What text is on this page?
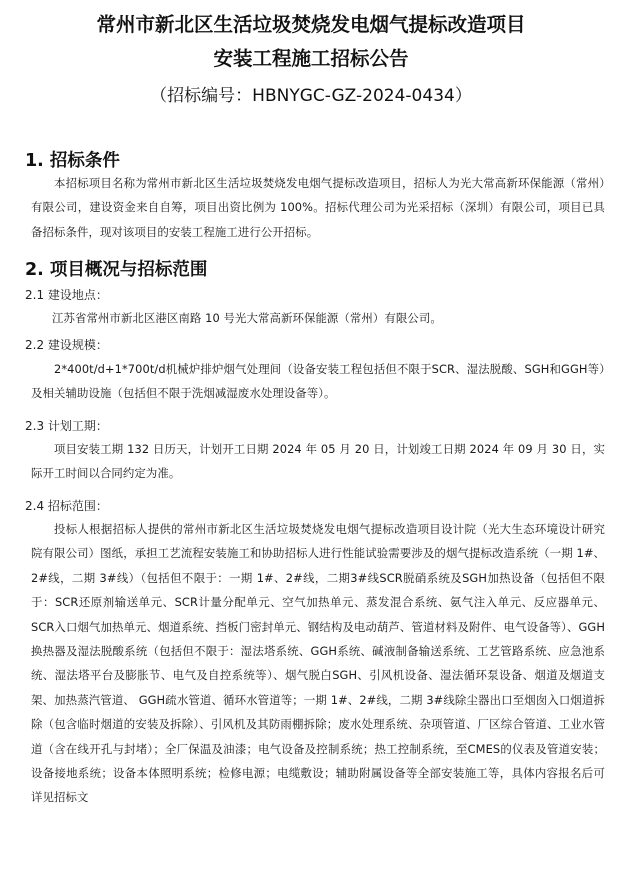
常州市新北区生活垃圾焚烧发电烟气提标改造项目
安装工程施工招标公告
（招标编号：HBNYGC-GZ-2024-0434）
1. 招标条件
本招标项目名称为常州市新北区生活垃圾焚烧发电烟气提标改造项目，招标人为光大常高新环保能源（常州）有限公司，建设资金来自自筹，项目出资比例为 100%。招标代理公司为光采招标（深圳）有限公司，项目已具备招标条件，现对该项目的安装工程施工进行公开招标。
2. 项目概况与招标范围
2.1 建设地点：
江苏省常州市新北区港区南路 10 号光大常高新环保能源（常州）有限公司。
2.2 建设规模：
2*400t/d+1*700t/d机械炉排炉烟气处理间（设备安装工程包括但不限于SCR、湿法脱酸、SGH和GGH等）及相关辅助设施（包括但不限于洗烟减湿废水处理设备等）。
2.3 计划工期：
项目安装工期 132 日历天，计划开工日期 2024 年 05 月 20 日，计划竣工日期 2024 年 09 月 30 日，实际开工时间以合同约定为准。
2.4 招标范围：
投标人根据招标人提供的常州市新北区生活垃圾焚烧发电烟气提标改造项目设计院（光大生态环境设计研究院有限公司）图纸，承担工艺流程安装施工和协助招标人进行性能试验需要涉及的烟气提标改造系统（一期 1#、2#线，二期 3#线）（包括但不限于：一期 1#、2#线，二期3#线SCR脱硝系统及SGH加热设备（包括但不限于：SCR还原剂输送单元、SCR计量分配单元、空气加热单元、蒸发混合系统、氨气注入单元、反应器单元、SCR入口烟气加热单元、烟道系统、挡板门密封单元、钢结构及电动葫芦、管道材料及附件、电气设备等）、GGH换热器及湿法脱酸系统（包括但不限于：湿法塔系统、GGH系统、碱液制备输送系统、工艺管路系统、应急池系统、湿法塔平台及膨胀节、电气及自控系统等）、烟气脱白SGH、引风机设备、湿法循环泵设备、烟道及烟道支架、加热蒸汽管道、 GGH疏水管道、循环水管道等；一期 1#、2#线，二期 3#线除尘器出口至烟囱入口烟道拆除（包含临时烟道的安装及拆除）、引风机及其防雨棚拆除；废水处理系统、杂项管道、厂区综合管道、工业水管道（含在线开孔与封堵）；全厂保温及油漆；电气设备及控制系统；热工控制系统，至CMES的仪表及管道安装；设备接地系统；设备本体照明系统；检修电源；电缆敷设；辅助附属设备等全部安装施工等，具体内容报名后可详见招标文
